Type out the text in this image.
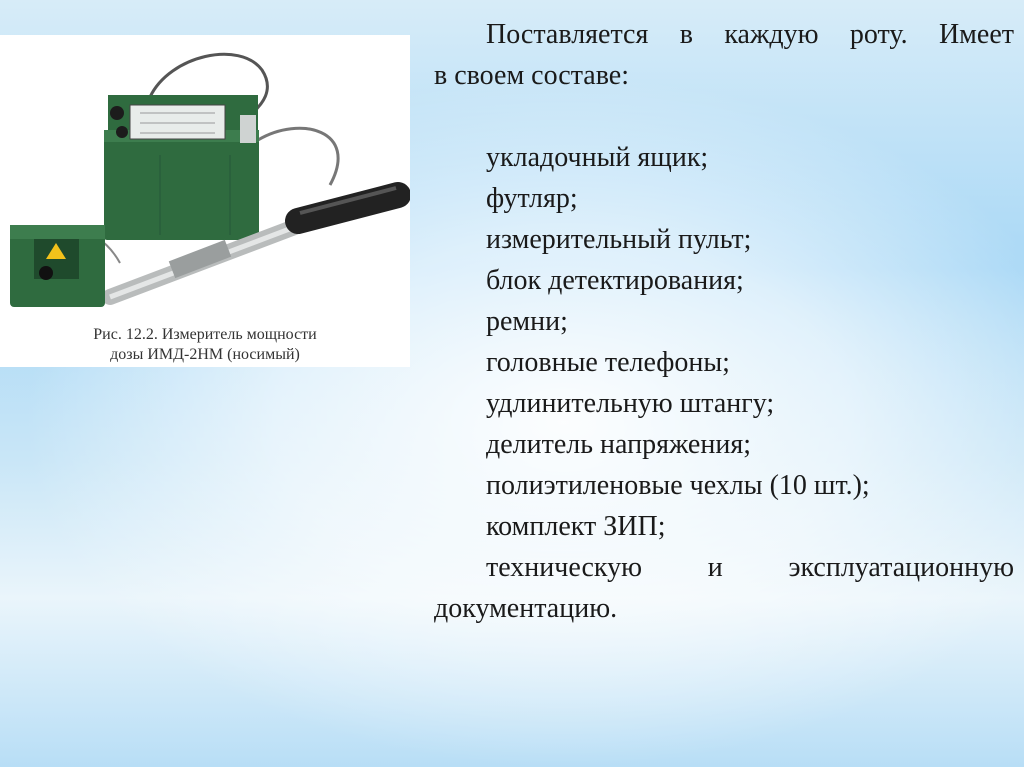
Рис. 12.2. Измеритель мощности
дозы ИМД-2НМ (носимый)

Поставляется в каждую роту. Имеет

в своем составе:

укладочный ящик;

футляр;

измерительный пульт;

блок детектирования;

ремни;

головные телефоны;

удлинительную штангу;

делитель напряжения;

полиэтиленовые чехлы (10 шт.);

комплект ЗИП;

техническую и эксплуатационную

документацию.
